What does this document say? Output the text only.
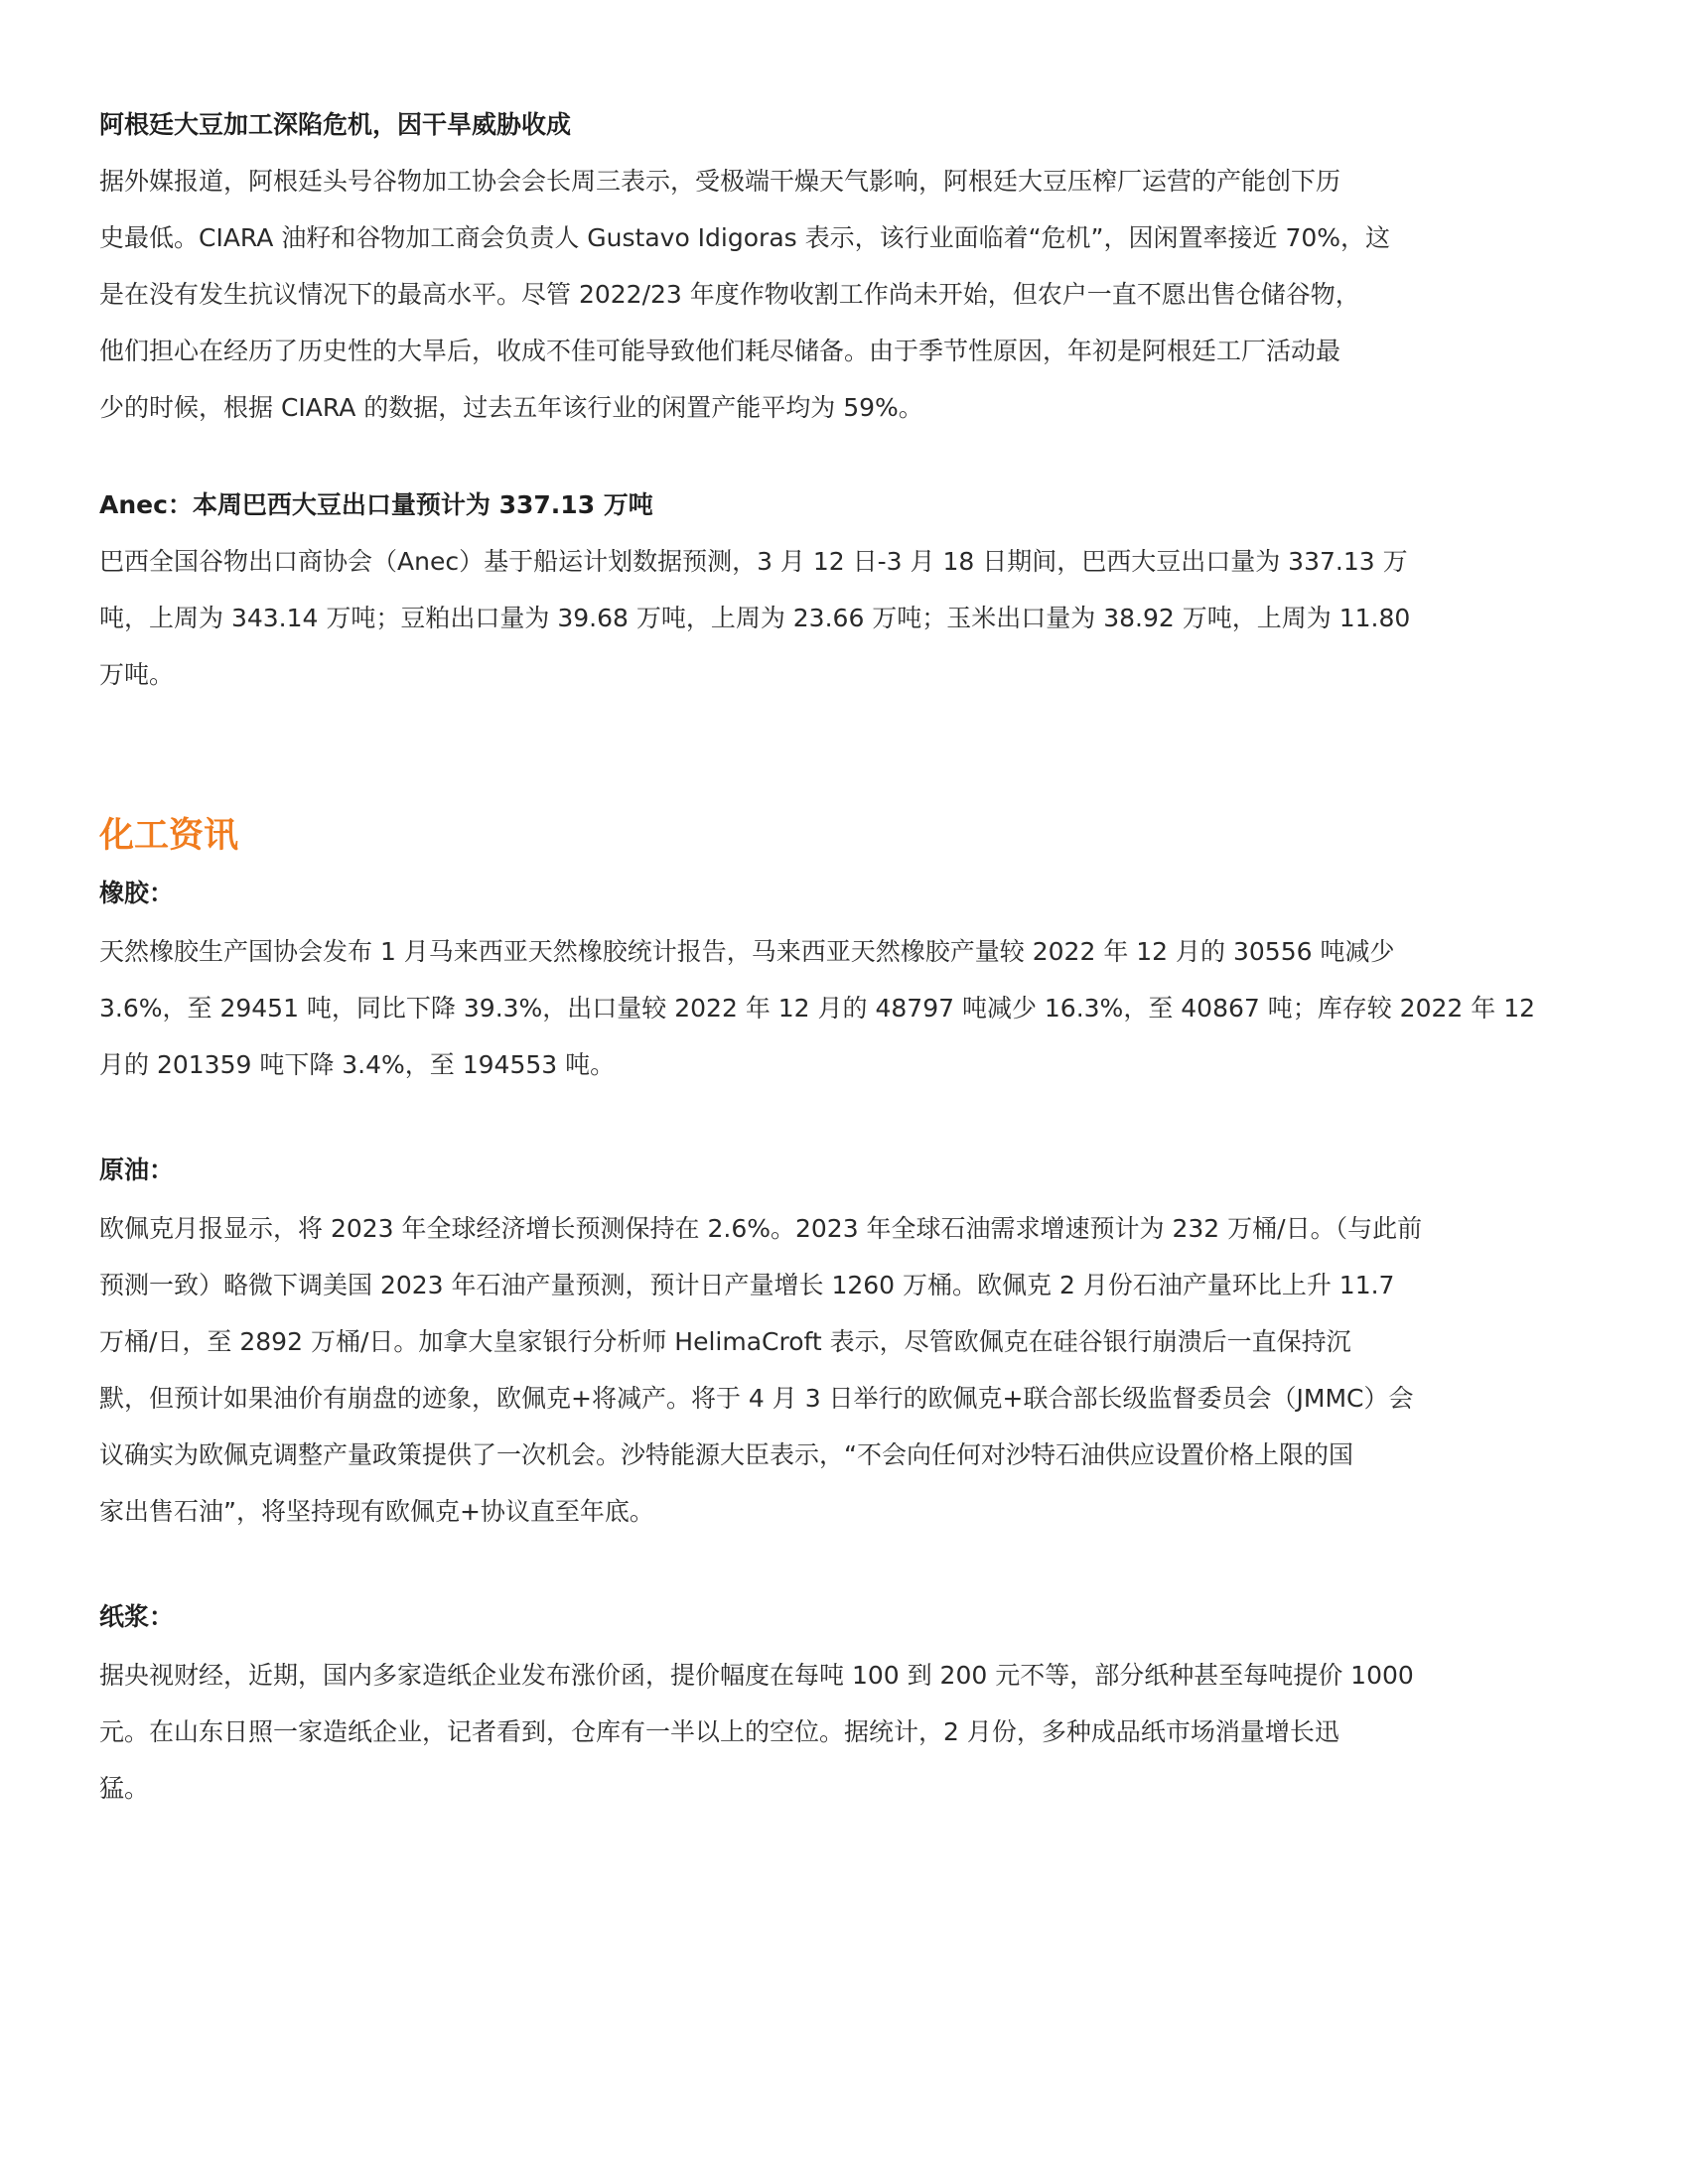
阿根廷大豆加工深陷危机，因干旱威胁收成
据外媒报道，阿根廷头号谷物加工协会会长周三表示，受极端干燥天气影响，阿根廷大豆压榨厂运营的产能创下历
史最低。CIARA 油籽和谷物加工商会负责人 Gustavo Idigoras 表示，该行业面临着“危机”，因闲置率接近 70%，这
是在没有发生抗议情况下的最高水平。尽管 2022/23 年度作物收割工作尚未开始，但农户一直不愿出售仓储谷物，
他们担心在经历了历史性的大旱后，收成不佳可能导致他们耗尽储备。由于季节性原因，年初是阿根廷工厂活动最
少的时候，根据 CIARA 的数据，过去五年该行业的闲置产能平均为 59%。
Anec：本周巴西大豆出口量预计为 337.13 万吨
巴西全国谷物出口商协会（Anec）基于船运计划数据预测，3 月 12 日-3 月 18 日期间，巴西大豆出口量为 337.13 万
吨，上周为 343.14 万吨；豆粕出口量为 39.68 万吨，上周为 23.66 万吨；玉米出口量为 38.92 万吨，上周为 11.80
万吨。
化工资讯
橡胶：
天然橡胶生产国协会发布 1 月马来西亚天然橡胶统计报告，马来西亚天然橡胶产量较 2022 年 12 月的 30556 吨减少
3.6%，至 29451 吨，同比下降 39.3%，出口量较 2022 年 12 月的 48797 吨减少 16.3%，至 40867 吨；库存较 2022 年 12
月的 201359 吨下降 3.4%，至 194553 吨。
原油：
欧佩克月报显示，将 2023 年全球经济增长预测保持在 2.6%。2023 年全球石油需求增速预计为 232 万桶/日。（与此前
预测一致）略微下调美国 2023 年石油产量预测，预计日产量增长 1260 万桶。欧佩克 2 月份石油产量环比上升 11.7
万桶/日，至 2892 万桶/日。加拿大皇家银行分析师 HelimaCroft 表示，尽管欧佩克在硅谷银行崩溃后一直保持沉
默，但预计如果油价有崩盘的迹象，欧佩克+将减产。将于 4 月 3 日举行的欧佩克+联合部长级监督委员会（JMMC）会
议确实为欧佩克调整产量政策提供了一次机会。沙特能源大臣表示，“不会向任何对沙特石油供应设置价格上限的国
家出售石油”，将坚持现有欧佩克+协议直至年底。
纸浆：
据央视财经，近期，国内多家造纸企业发布涨价函，提价幅度在每吨 100 到 200 元不等，部分纸种甚至每吨提价 1000
元。在山东日照一家造纸企业，记者看到，仓库有一半以上的空位。据统计，2 月份，多种成品纸市场消量增长迅
猛。
